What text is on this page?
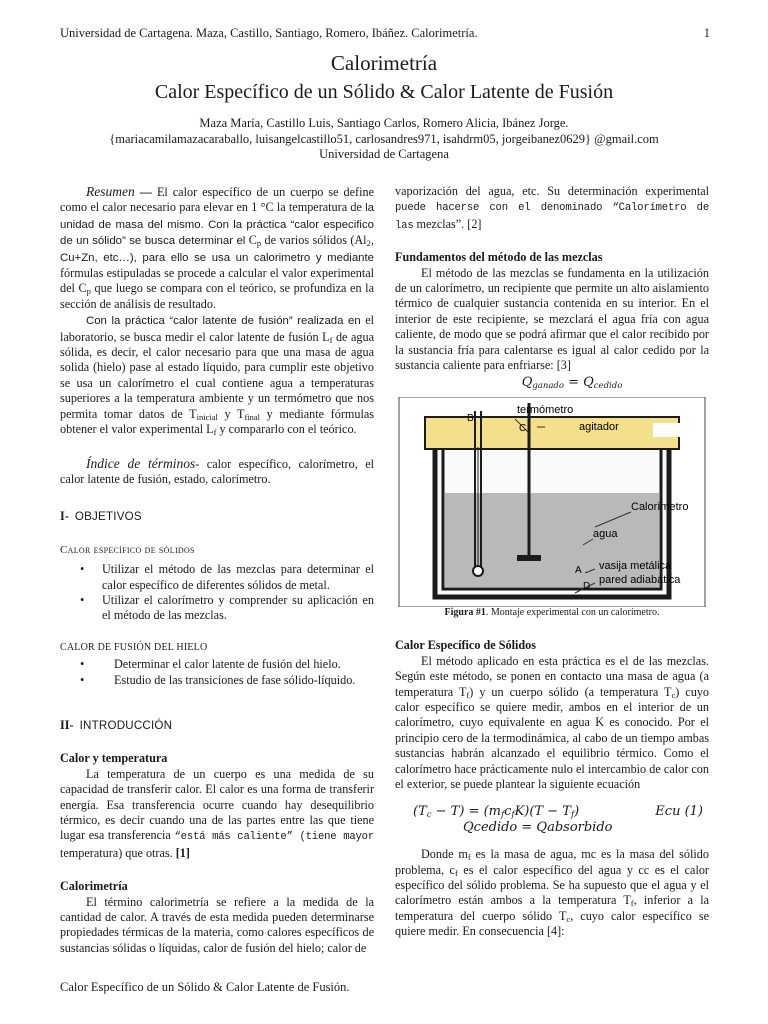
Universidad de Cartagena. Maza, Castillo, Santiago, Romero, Ibáñez. Calorimetría.	1
Calorimetría
Calor Específico de un Sólido & Calor Latente de Fusión
Maza María, Castillo Luis, Santiago Carlos, Romero Alicia, Ibánez Jorge.
{mariacamilamazacaraballo, luisangelcastillo51, carlosandres971, isahdrm05, jorgeibanez0629} @gmail.com
Universidad de Cartagena

Resumen — El calor específico de un cuerpo se define como el calor necesario para elevar en 1 °C la temperatura de la unidad de masa del mismo. Con la práctica “calor especifico de un sólido” se busca determinar el $C_p$ de varios sólidos ($Al_2$, Cu+Zn, etc…), para ello se usa un calorimetro y mediante fórmulas estipuladas se procede a calcular el valor experimental del $C_p$ que luego se compara con el teórico, se profundiza en la sección de análisis de resultado.

Con la práctica “calor latente de fusión” realizada en el laboratorio, se busca medir el calor latente de fusión $L_f$ de agua sólida, es decir, el calor necesario para que una masa de agua solida (hielo) pase al estado líquido, para cumplir este objetivo se usa un calorímetro el cual contiene agua a temperaturas superiores a la temperatura ambiente y un termómetro que nos permita tomar datos de $T_{inicial}$ y $T_{final}$ y mediante fórmulas obtener el valor experimental $L_f$ y compararlo con el teórico.

Índice de términos- calor específico, calorímetro, el calor latente de fusión, estado, calorímetro.

I- OBJETIVOS
Calor específico de sólidos
• Utilizar el método de las mezclas para determinar el calor específico de diferentes sólidos de metal.
• Utilizar el calorímetro y comprender su aplicación en el método de las mezclas.
CALOR DE FUSIÓN DEL HIELO
• Determinar el calor latente de fusión del hielo.
• Estudio de las transiciones de fase sólido-líquido.
II- INTRODUCCIÓN
Calor y temperatura

La temperatura de un cuerpo es una medida de su capacidad de transferir calor. El calor es una forma de transferir energía. Esa transferencia ocurre cuando hay desequilibrio térmico, es decir cuando una de las partes entre las que tiene lugar esa transferencia “está más caliente” (tiene mayor temperatura) que otras. [1]

Calorimetría

El término calorimetría se refiere a la medida de la cantidad de calor. A través de esta medida pueden determinarse propiedades térmicas de la materia, como calores específicos de sustancias sólidas o líquidas, calor de fusión del hielo; calor de

vaporización del agua, etc. Su determinación experimental puede hacerse con el denominado “Calorímetro de las mezclas”. [2]

Fundamentos del método de las mezclas

El método de las mezclas se fundamenta en la utilización de un calorímetro, un recipiente que permite un alto aislamiento térmico de cualquier sustancia contenida en su interior. En el interior de este recipiente, se mezclará el agua fría con agua caliente, de modo que se podrá afirmar que el calor recibido por la sustancia fría para calentarse es igual al calor cedido por la sustancia caliente para enfriarse: [3]

$Q_{ganado} = Q_{cedido}$
termómetro
agitador
Calorímetro
agua
vasija metálica
pared adiabática
B
C
A
D
Figura #1. Montaje experimental con un calorímetro.
Calor Específico de Sólidos

El método aplicado en esta práctica es el de las mezclas. Según este método, se ponen en contacto una masa de agua (a temperatura $T_f$) y un cuerpo sólido (a temperatura $T_c$) cuyo calor específico se quiere medir, ambos en el interior de un calorímetro, cuyo equivalente en agua K es conocido. Por el principio cero de la termodinámica, al cabo de un tiempo ambas sustancias habrán alcanzado el equilibrio térmico. Como el calorímetro hace prácticamente nulo el intercambio de calor con el exterior, se puede plantear la siguiente ecuación

$(T_c - T) = (m_fc_fK)(T - T_f)$	Ecu (1)
Qcedido = Qabsorbido

Donde $m_f$ es la masa de agua, mc es la masa del sólido problema, $c_f$ es el calor específico del agua y cc es el calor específico del sólido problema. Se ha supuesto que el agua y el calorímetro están ambos a la temperatura $T_f$, inferior a la temperatura del cuerpo sólido $T_c$, cuyo calor específico se quiere medir. En consecuencia [4]:

Calor Específico de un Sólido & Calor Latente de Fusión.
